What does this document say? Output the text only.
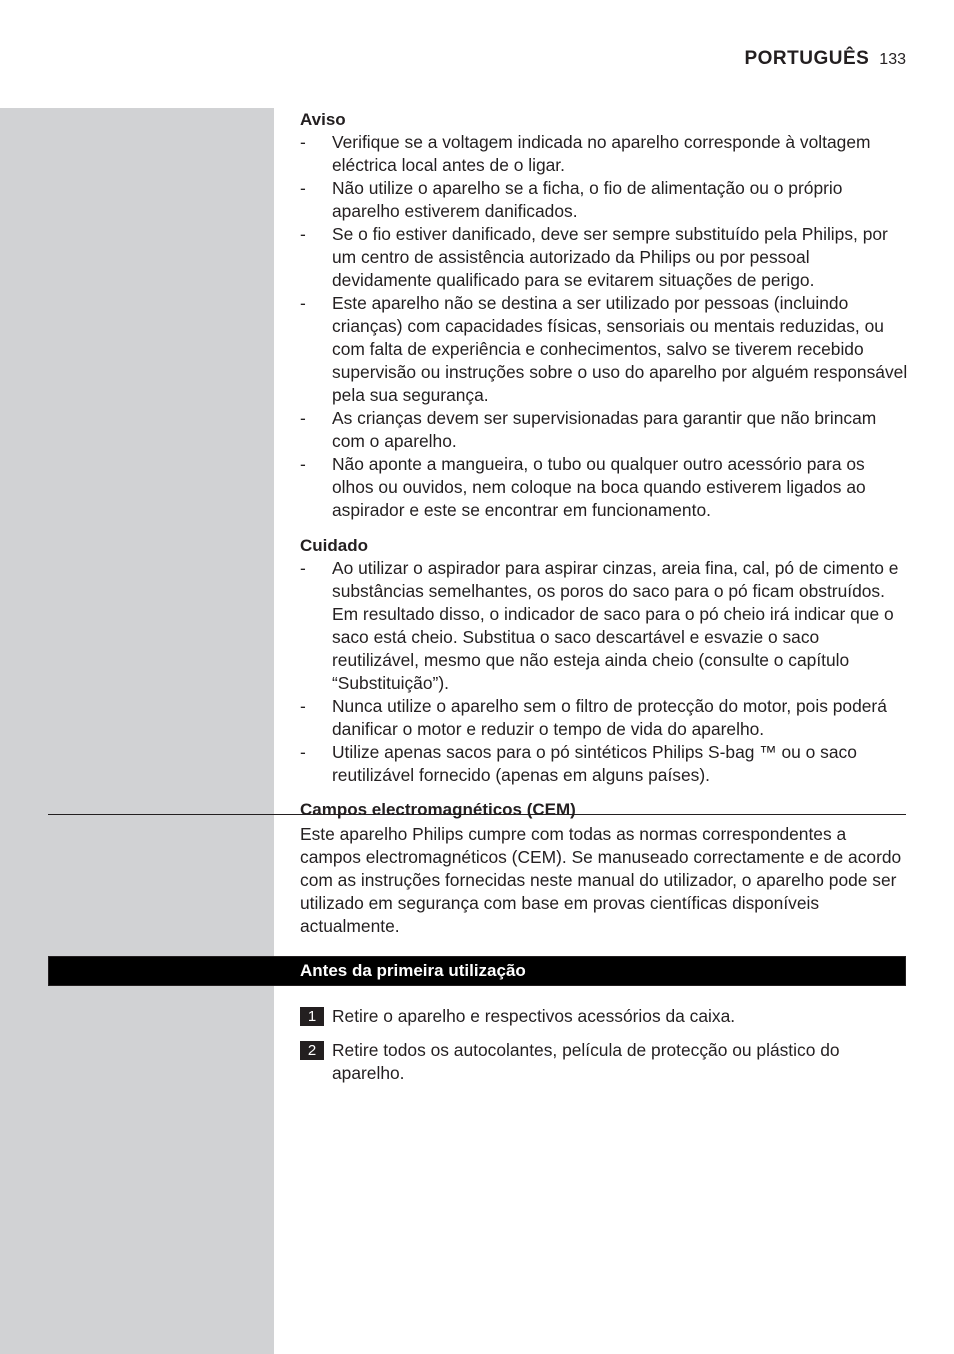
PORTUGUÊS 133
Aviso
- Verifique se a voltagem indicada no aparelho corresponde à voltagem eléctrica local antes de o ligar.
- Não utilize o aparelho se a ficha, o fio de alimentação ou o próprio aparelho estiverem danificados.
- Se o fio estiver danificado, deve ser sempre substituído pela Philips, por um centro de assistência autorizado da Philips ou por pessoal devidamente qualificado para se evitarem situações de perigo.
- Este aparelho não se destina a ser utilizado por pessoas (incluindo crianças) com capacidades físicas, sensoriais ou mentais reduzidas, ou com falta de experiência e conhecimentos, salvo se tiverem recebido supervisão ou instruções sobre o uso do aparelho por alguém responsável pela sua segurança.
- As crianças devem ser supervisionadas para garantir que não brincam com o aparelho.
- Não aponte a mangueira, o tubo ou qualquer outro acessório para os olhos ou ouvidos, nem coloque na boca quando estiverem ligados ao aspirador e este se encontrar em funcionamento.
Cuidado
- Ao utilizar o aspirador para aspirar cinzas, areia fina, cal, pó de cimento e substâncias semelhantes, os poros do saco para o pó ficam obstruídos. Em resultado disso, o indicador de saco para o pó cheio irá indicar que o saco está cheio. Substitua o saco descartável e esvazie o saco reutilizável, mesmo que não esteja ainda cheio (consulte o capítulo “Substituição”).
- Nunca utilize o aparelho sem o filtro de protecção do motor, pois poderá danificar o motor e reduzir o tempo de vida do aparelho.
- Utilize apenas sacos para o pó sintéticos Philips S-bag ™ ou o saco reutilizável fornecido (apenas em alguns países).
Campos electromagnéticos (CEM)

Este aparelho Philips cumpre com todas as normas correspondentes a campos electromagnéticos (CEM). Se manuseado correctamente e de acordo com as instruções fornecidas neste manual do utilizador, o aparelho pode ser utilizado em segurança com base em provas científicas disponíveis actualmente.

Antes da primeira utilização
1 Retire o aparelho e respectivos acessórios da caixa.
2 Retire todos os autocolantes, película de protecção ou plástico do aparelho.
